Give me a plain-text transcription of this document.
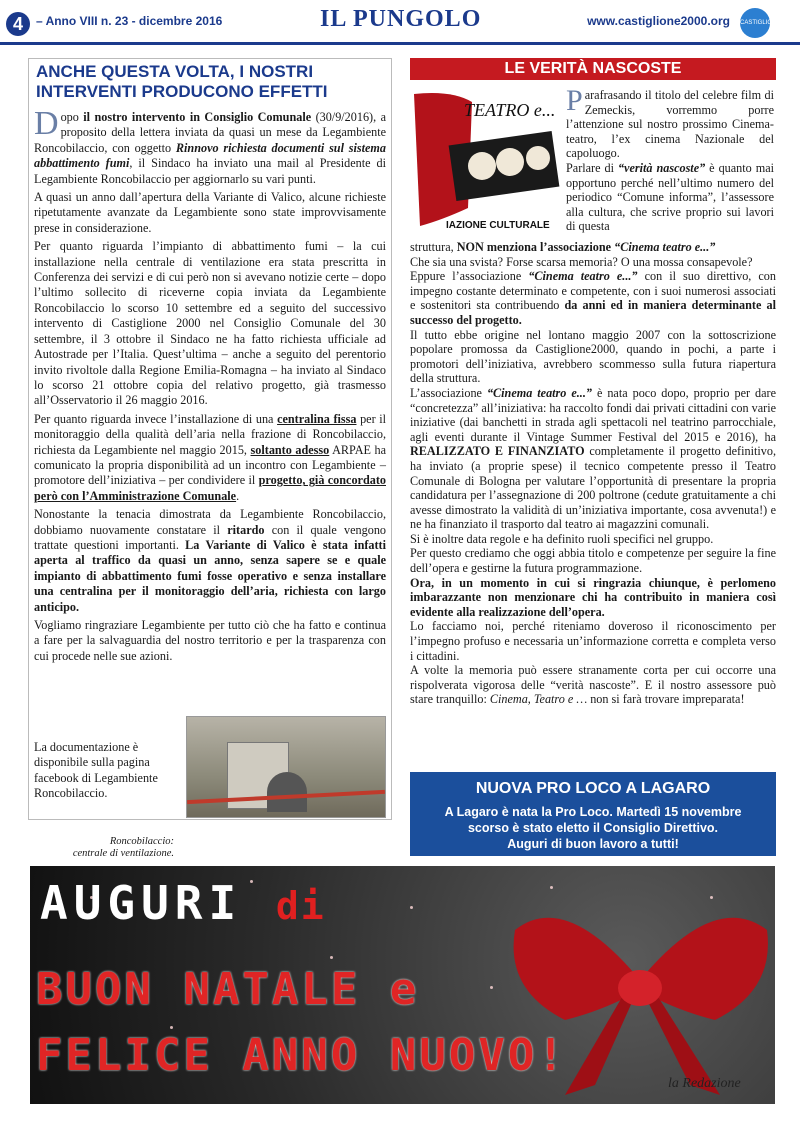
4	– Anno VIII n. 23 - dicembre 2016	IL PUNGOLO	www.castiglione2000.org CASTIGLIONE 2000
ANCHE QUESTA VOLTA, I NOSTRI INTERVENTI PRODUCONO EFFETTI

Dopo il nostro intervento in Consiglio Comunale (30/9/2016), a proposito della lettera inviata da quasi un mese da Legambiente Roncobilaccio, con oggetto Rinnovo richiesta documenti sul sistema abbattimento fumi, il Sindaco ha inviato una mail al Presidente di Legambiente Roncobilaccio per aggiornarlo su vari punti.

A quasi un anno dall’apertura della Variante di Valico, alcune richieste ripetutamente avanzate da Legambiente sono state improvvisamente prese in considerazione.

Per quanto riguarda l’impianto di abbattimento fumi – la cui installazione nella centrale di ventilazione era stata prescritta in Conferenza dei servizi e di cui però non si avevano notizie certe – dopo l’ultimo sollecito di riceverne copia inviata da Legambiente Roncobilaccio lo scorso 10 settembre ed a seguito del successivo intervento di Castiglione 2000 nel Consiglio Comunale del 30 settembre, il 3 ottobre il Sindaco ne ha fatto richiesta ufficiale ad Autostrade per l’Italia. Quest’ultima – anche a seguito del perentorio invito rivoltole dalla Regione Emilia-Romagna – ha inviato al Sindaco lo scorso 21 ottobre copia del relativo progetto, già trasmesso all’Osservatorio il 26 maggio 2016.

Per quanto riguarda invece l’installazione di una centralina fissa per il monitoraggio della qualità dell’aria nella frazione di Roncobilaccio, richiesta da Legambiente nel maggio 2015, soltanto adesso ARPAE ha comunicato la propria disponibilità ad un incontro con Legambiente – promotore dell’iniziativa – per condividere il progetto, già concordato però con l’Amministrazione Comunale.

Nonostante la tenacia dimostrata da Legambiente Roncobilaccio, dobbiamo nuovamente constatare il ritardo con il quale vengono trattate questioni importanti. La Variante di Valico è stata infatti aperta al traffico da quasi un anno, senza sapere se e quale impianto di abbattimento fumi fosse operativo e senza installare una centralina per il monitoraggio dell’aria, richiesta con largo anticipo.

Vogliamo ringraziare Legambiente per tutto ciò che ha fatto e continua a fare per la salvaguardia del nostro territorio e per la trasparenza con cui procede nelle sue azioni.

La documentazione è disponibile sulla pagina facebook di Legambiente Roncobilaccio.
Roncobilaccio:
centrale di ventilazione.
LE VERITÀ NASCOSTE
TEATRO e...
IAZIONE CULTURALE

Parafrasando il titolo del celebre film di Zemeckis, vorremmo porre l’attenzione sul nostro prossimo Cinema-teatro, l’ex cinema Nazionale del capoluogo.

Parlare di “verità nascoste” è quanto mai opportuno perché nell’ultimo numero del periodico “Comune informa”, l’assessore alla cultura, che scrive proprio sui lavori di questa

struttura, NON menziona l’associazione “Cinema teatro e...”

Che sia una svista? Forse scarsa memoria? O una mossa consapevole?

Eppure l’associazione “Cinema teatro e...” con il suo direttivo, con impegno costante determinato e competente, con i suoi numerosi associati e sostenitori sta contribuendo da anni ed in maniera determinante al successo del progetto.

Il tutto ebbe origine nel lontano maggio 2007 con la sottoscrizione popolare promossa da Castiglione2000, quando in pochi, a parte i promotori dell’iniziativa, avrebbero scommesso sulla futura riapertura della struttura.

L’associazione “Cinema teatro e...” è nata poco dopo, proprio per dare “concretezza” all’iniziativa: ha raccolto fondi dai privati cittadini con varie iniziative (dai banchetti in strada agli spettacoli nel teatrino parrocchiale, agli eventi durante il Vintage Summer Festival del 2015 e 2016), ha REALIZZATO E FINANZIATO completamente il progetto definitivo, ha inviato (a proprie spese) il tecnico competente presso il Teatro Comunale di Bologna per valutare l’opportunità di presentare la propria candidatura per l’assegnazione di 200 poltrone (cedute gratuitamente a chi avesse dimostrato la validità di un’iniziativa importante, cosa avvenuta!) e ne ha finanziato il trasporto dal teatro ai magazzini comunali.

Si è inoltre data regole e ha definito ruoli specifici nel gruppo.

Per questo crediamo che oggi abbia titolo e competenze per seguire la fine dell’opera e gestirne la futura programmazione.

Ora, in un momento in cui si ringrazia chiunque, è perlomeno imbarazzante non menzionare chi ha contribuito in maniera così evidente alla realizzazione dell’opera.

Lo facciamo noi, perché riteniamo doveroso il riconoscimento per l’impegno profuso e necessaria un’informazione corretta e completa verso i cittadini.

A volte la memoria può essere stranamente corta per cui occorre una rispolverata vigorosa delle “verità nascoste”. E il nostro assessore può stare tranquillo: Cinema, Teatro e … non si farà trovare impreparata!

NUOVA PRO LOCO A LAGARO

A Lagaro è nata la Pro Loco. Martedì 15 novembre

scorso è stato eletto il Consiglio Direttivo.

Auguri di buon lavoro a tutti!

AUGURI di
BUON NATALE e
FELICE ANNO NUOVO!
la Redazione
